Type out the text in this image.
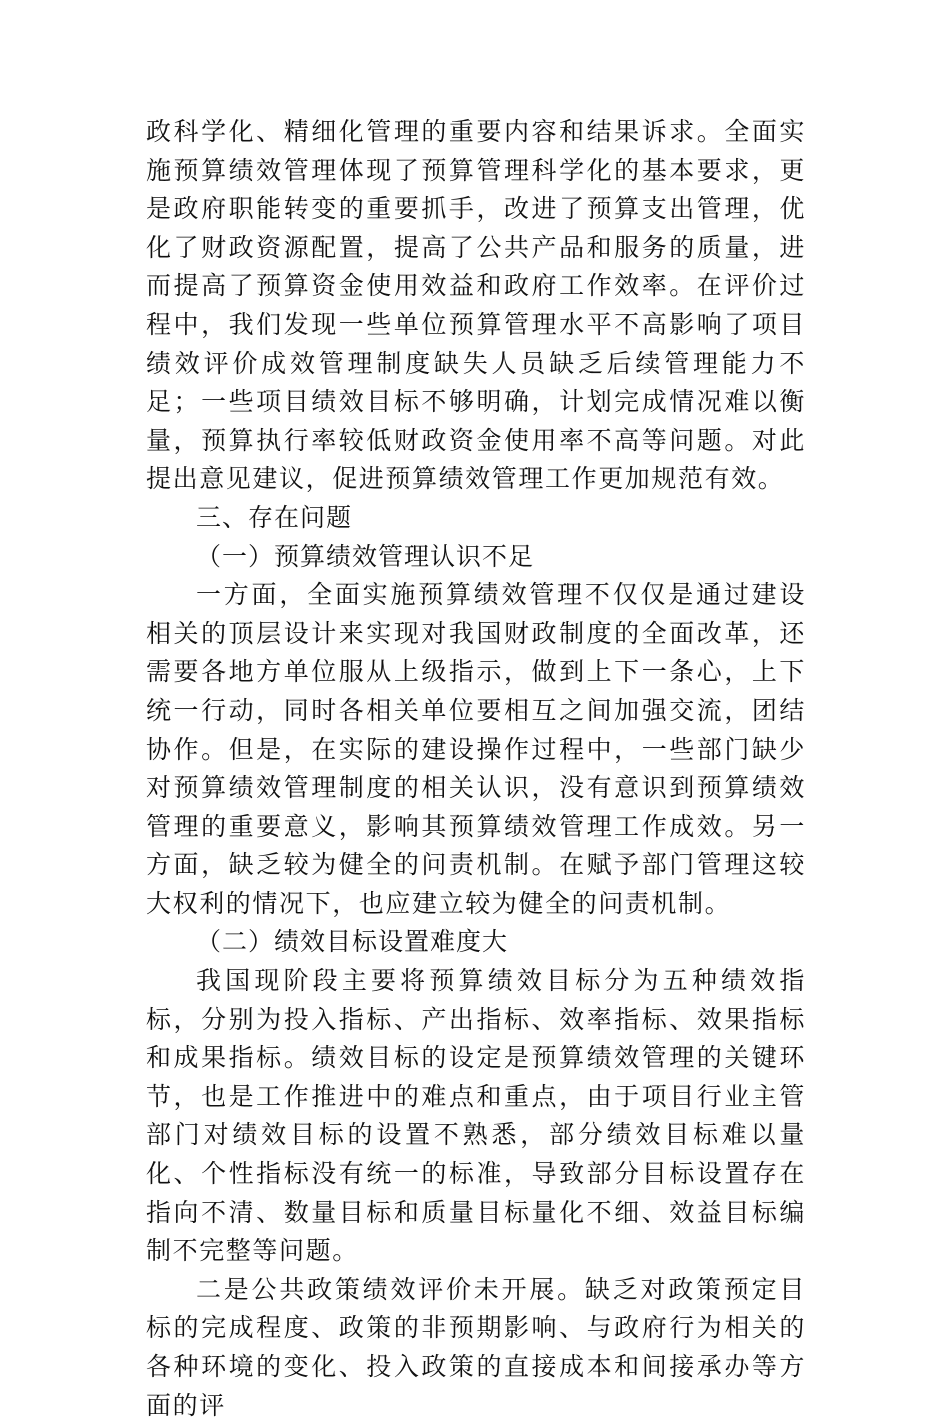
政科学化、精细化管理的重要内容和结果诉求。全面实施预算绩效管理体现了预算管理科学化的基本要求，更是政府职能转变的重要抓手，改进了预算支出管理，优化了财政资源配置，提高了公共产品和服务的质量，进而提高了预算资金使用效益和政府工作效率。在评价过程中，我们发现一些单位预算管理水平不高影响了项目绩效评价成效管理制度缺失人员缺乏后续管理能力不足；一些项目绩效目标不够明确，计划完成情况难以衡量，预算执行率较低财政资金使用率不高等问题。对此提出意见建议，促进预算绩效管理工作更加规范有效。

三、存在问题

（一）预算绩效管理认识不足

一方面，全面实施预算绩效管理不仅仅是通过建设相关的顶层设计来实现对我国财政制度的全面改革，还需要各地方单位服从上级指示，做到上下一条心，上下统一行动，同时各相关单位要相互之间加强交流，团结协作。但是，在实际的建设操作过程中，一些部门缺少对预算绩效管理制度的相关认识，没有意识到预算绩效管理的重要意义，影响其预算绩效管理工作成效。另一方面，缺乏较为健全的问责机制。在赋予部门管理这较大权利的情况下，也应建立较为健全的问责机制。

（二）绩效目标设置难度大

我国现阶段主要将预算绩效目标分为五种绩效指标，分别为投入指标、产出指标、效率指标、效果指标和成果指标。绩效目标的设定是预算绩效管理的关键环节，也是工作推进中的难点和重点，由于项目行业主管部门对绩效目标的设置不熟悉，部分绩效目标难以量化、个性指标没有统一的标准，导致部分目标设置存在指向不清、数量目标和质量目标量化不细、效益目标编制不完整等问题。

二是公共政策绩效评价未开展。缺乏对政策预定目标的完成程度、政策的非预期影响、与政府行为相关的各种环境的变化、投入政策的直接成本和间接承办等方面的评
